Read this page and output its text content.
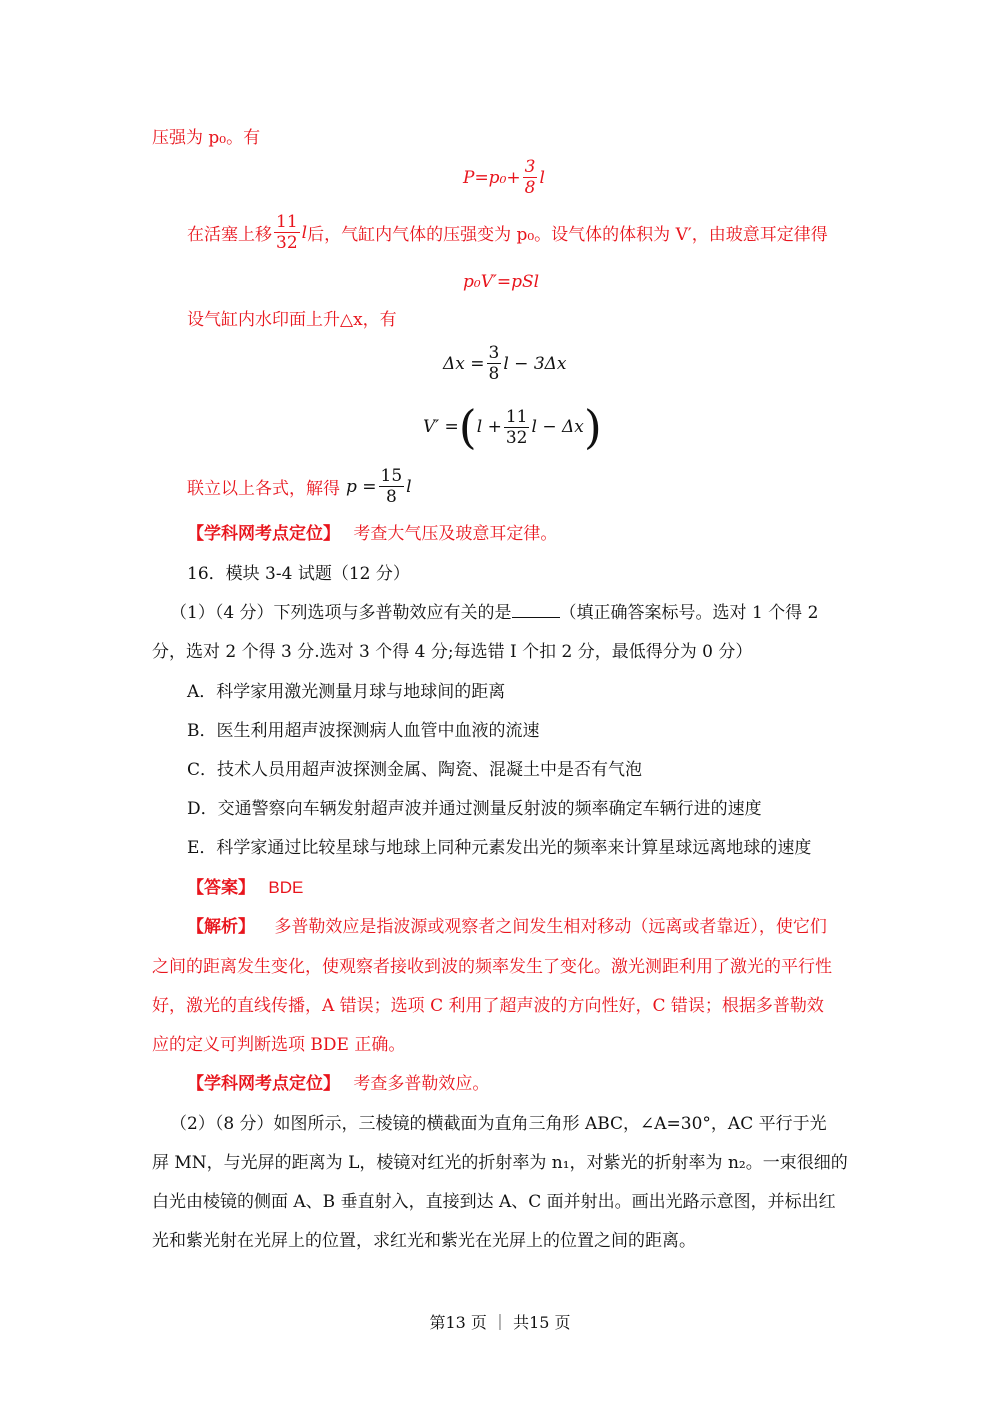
压强为 p₀。有
$P=p_0+ \frac{3}{8}$ l
在活塞上移 $\frac{11}{32}$ l 后，气缸内气体的压强变为 p₀。设气体的体积为 V′，由玻意耳定律得
p₀V′=pSl
设气缸内水印面上升△x，有
$\Delta x = \frac{3}{8}$ l − 3Δx
V′ = ( $l + \frac{11}{32}$ l − Δx )
联立以上各式，解得 $p = \frac{15}{8}$ l
【学科网考点定位】 考查大气压及玻意耳定律。
16．模块 3-4 试题（12 分）
（1）（4 分）下列选项与多普勒效应有关的是	（填正确答案标号。选对 1 个得 2
分，选对 2 个得 3 分.选对 3 个得 4 分;每选错 I 个扣 2 分，最低得分为 0 分）
A．科学家用激光测量月球与地球间的距离
B．医生利用超声波探测病人血管中血液的流速
C．技术人员用超声波探测金属、陶瓷、混凝土中是否有气泡
D．交通警察向车辆发射超声波并通过测量反射波的频率确定车辆行进的速度
E．科学家通过比较星球与地球上同种元素发出光的频率来计算星球远离地球的速度
【答案】 BDE
【解析】 多普勒效应是指波源或观察者之间发生相对移动（远离或者靠近），使它们
之间的距离发生变化，使观察者接收到波的频率发生了变化。激光测距利用了激光的平行性
好，激光的直线传播，A 错误；选项 C 利用了超声波的方向性好，C 错误；根据多普勒效
应的定义可判断选项 BDE 正确。
【学科网考点定位】 考查多普勒效应。
（2）（8 分）如图所示，三棱镜的横截面为直角三角形 ABC，∠A=30°，AC 平行于光
屏 MN，与光屏的距离为 L，棱镜对红光的折射率为 n₁，对紫光的折射率为 n₂。一束很细的
白光由棱镜的侧面 A、B 垂直射入，直接到达 A、C 面并射出。画出光路示意图，并标出红
光和紫光射在光屏上的位置，求红光和紫光在光屏上的位置之间的距离。
第13 页 ｜ 共15 页
